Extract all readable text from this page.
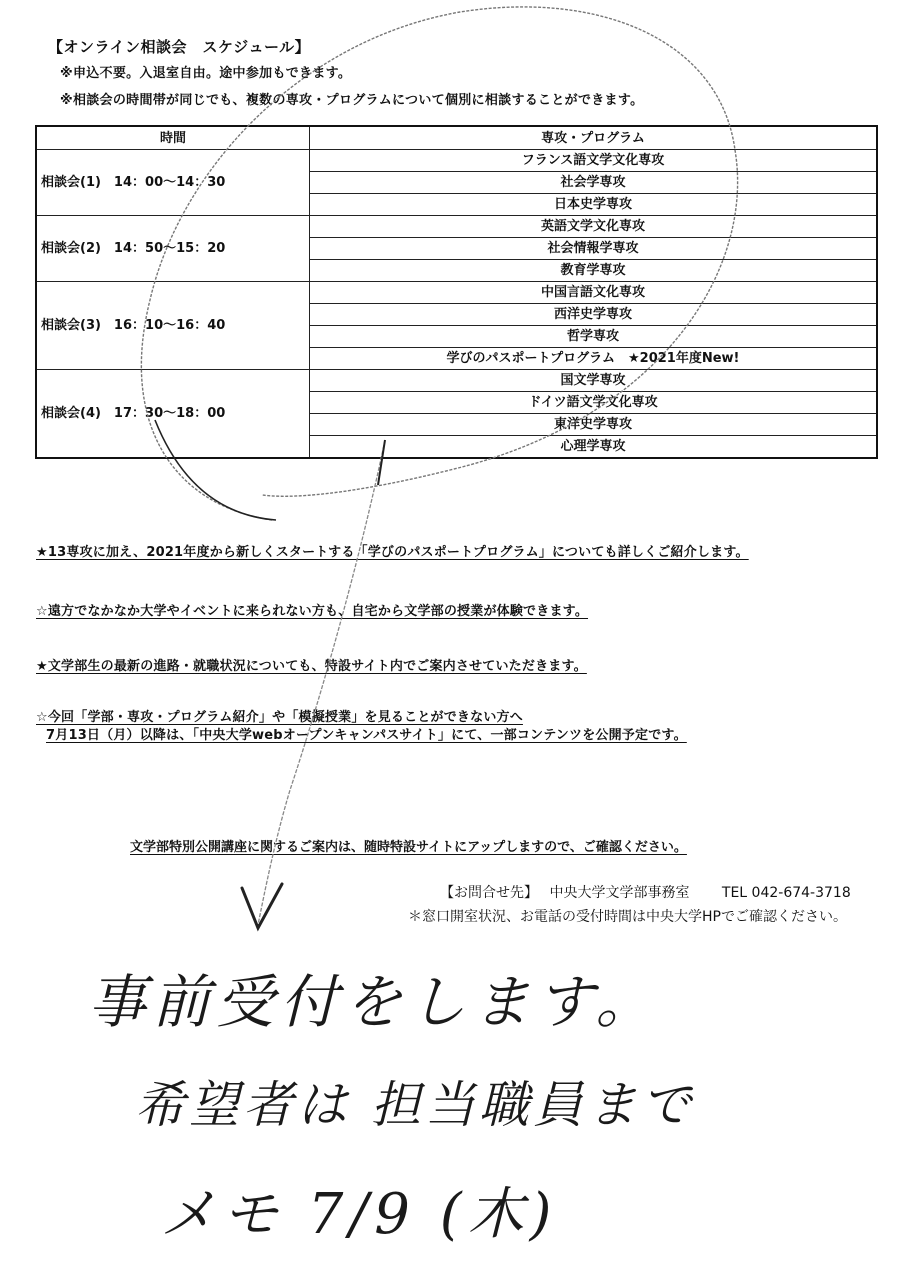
【オンライン相談会　スケジュール】
※申込不要。入退室自由。途中参加もできます。
※相談会の時間帯が同じでも、複数の専攻・プログラムについて個別に相談することができます。
時間	専攻・プログラム
相談会(1)　14：00〜14：30	フランス語文学文化専攻
	社会学専攻
	日本史学専攻
相談会(2)　14：50〜15：20	英語文学文化専攻
	社会情報学専攻
	教育学専攻
相談会(3)　16：10〜16：40	中国言語文化専攻
	西洋史学専攻
	哲学専攻
	学びのパスポートプログラム　★2021年度New!
相談会(4)　17：30〜18：00	国文学専攻
	ドイツ語文学文化専攻
	東洋史学専攻
	心理学専攻
★13専攻に加え、2021年度から新しくスタートする「学びのパスポートプログラム」についても詳しくご紹介します。
☆遠方でなかなか大学やイベントに来られない方も、自宅から文学部の授業が体験できます。
★文学部生の最新の進路・就職状況についても、特設サイト内でご案内させていただきます。
☆今回「学部・専攻・プログラム紹介」や「模擬授業」を見ることができない方へ
7月13日（月）以降は、「中央大学webオープンキャンパスサイト」にて、一部コンテンツを公開予定です。
文学部特別公開講座に関するご案内は、随時特設サイトにアップしますので、ご確認ください。
【お問合せ先】　 中央大学文学部事務室　　 TEL 042-674-3718
＊窓口開室状況、お電話の受付時間は中央大学HPでご確認ください。
事前受付をします。
希望者は 担当職員まで
メモ 7/9 (木)
